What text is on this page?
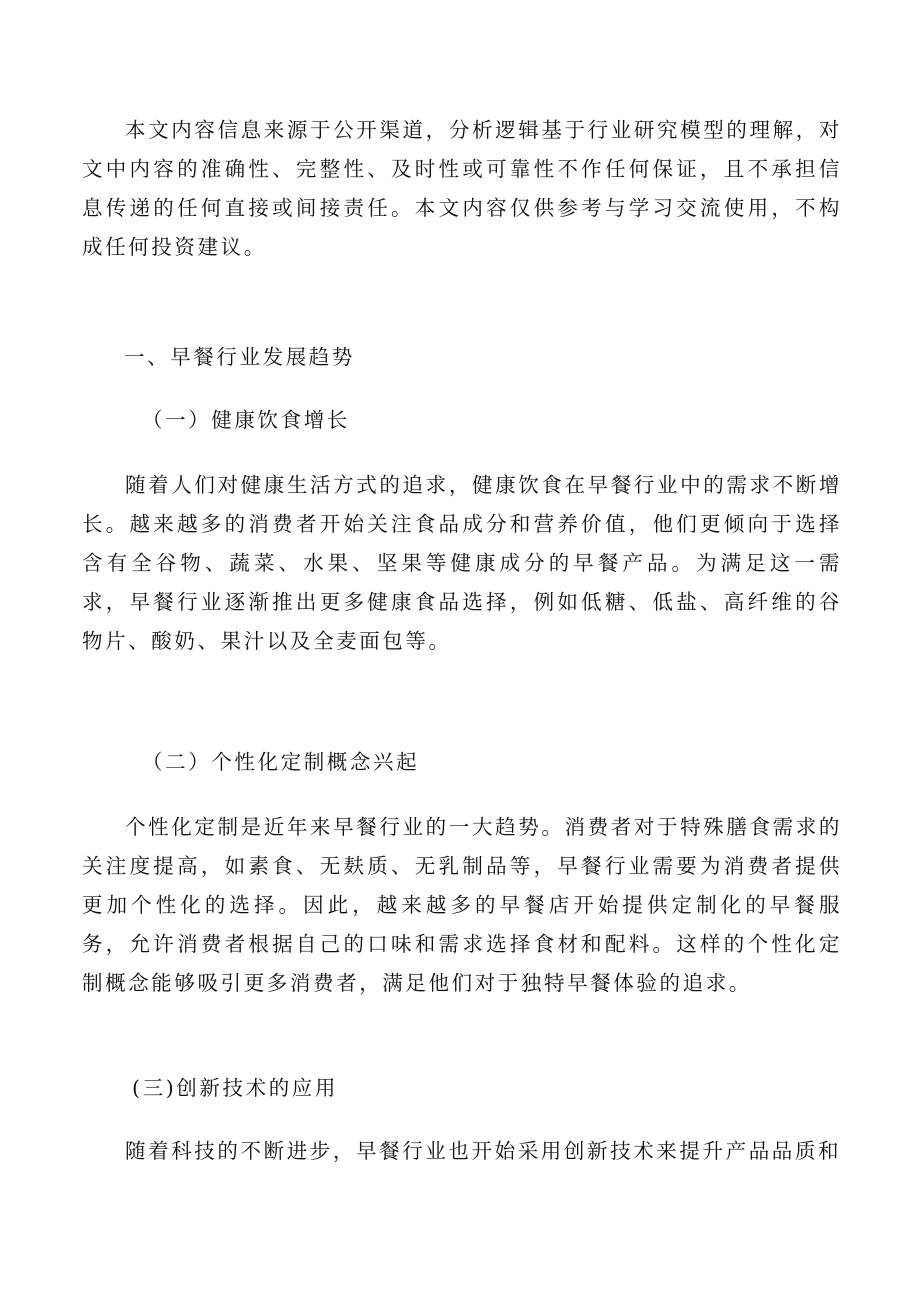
本文内容信息来源于公开渠道，分析逻辑基于行业研究模型的理解，对文中内容的准确性、完整性、及时性或可靠性不作任何保证，且不承担信息传递的任何直接或间接责任。本文内容仅供参考与学习交流使用，不构成任何投资建议。

一、早餐行业发展趋势
（一）健康饮食增长

随着人们对健康生活方式的追求，健康饮食在早餐行业中的需求不断增长。越来越多的消费者开始关注食品成分和营养价值，他们更倾向于选择含有全谷物、蔬菜、水果、坚果等健康成分的早餐产品。为满足这一需求，早餐行业逐渐推出更多健康食品选择，例如低糖、低盐、高纤维的谷物片、酸奶、果汁以及全麦面包等。

（二）个性化定制概念兴起

个性化定制是近年来早餐行业的一大趋势。消费者对于特殊膳食需求的关注度提高，如素食、无麸质、无乳制品等，早餐行业需要为消费者提供更加个性化的选择。因此，越来越多的早餐店开始提供定制化的早餐服务，允许消费者根据自己的口味和需求选择食材和配料。这样的个性化定制概念能够吸引更多消费者，满足他们对于独特早餐体验的追求。

(三)创新技术的应用

随着科技的不断进步，早餐行业也开始采用创新技术来提升产品品质和
